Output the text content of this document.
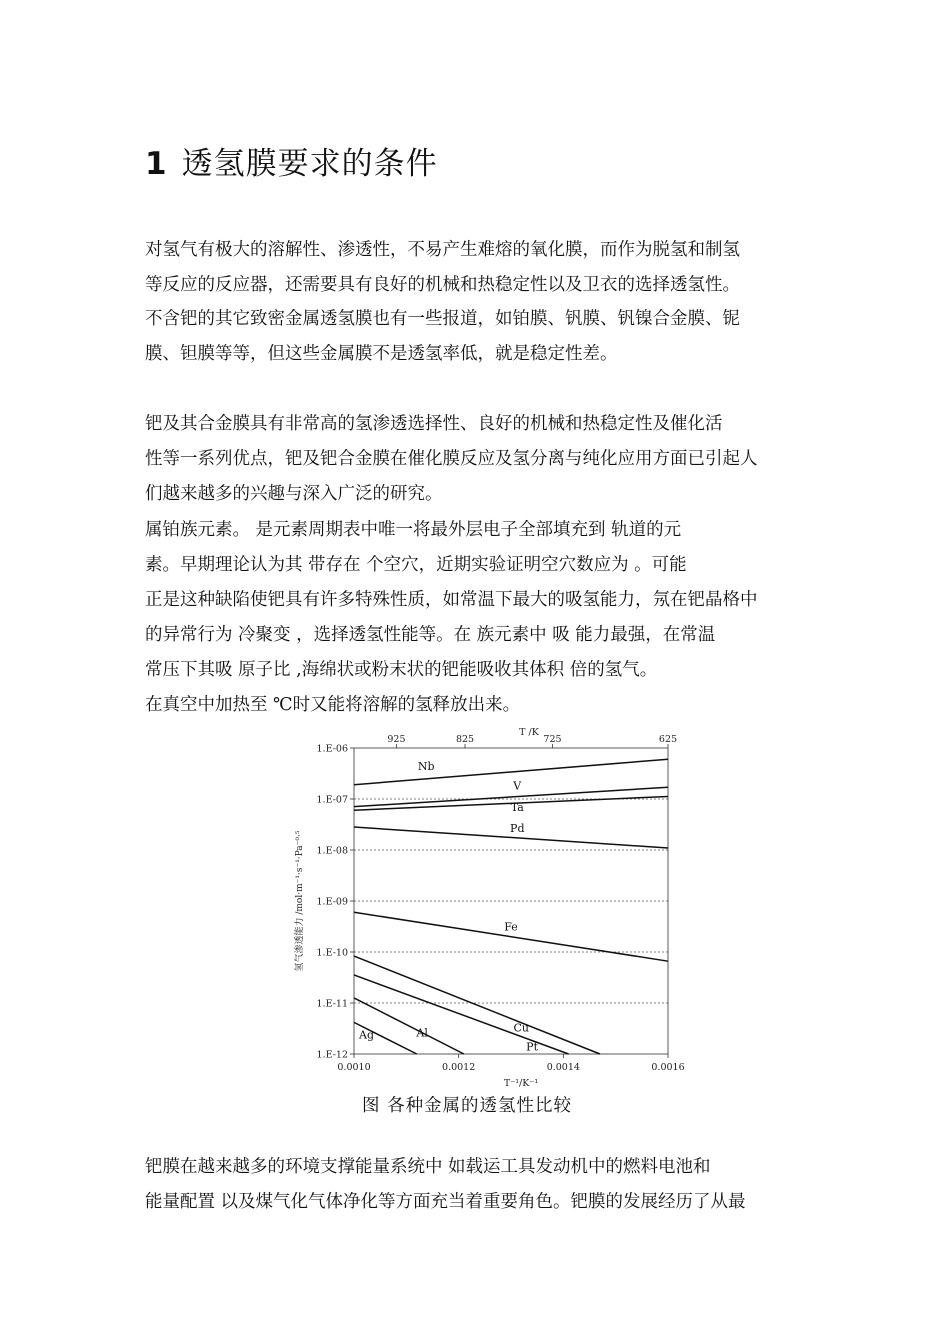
1 透氢膜要求的条件
对氢气有极大的溶解性、渗透性，不易产生难熔的氧化膜，而作为脱氢和制氢
等反应的反应器，还需要具有良好的机械和热稳定性以及卫衣的选择透氢性。
不含钯的其它致密金属透氢膜也有一些报道，如铂膜、钒膜、钒镍合金膜、铌
膜、钽膜等等，但这些金属膜不是透氢率低，就是稳定性差。
钯及其合金膜具有非常高的氢渗透选择性、良好的机械和热稳定性及催化活
性等一系列优点，钯及钯合金膜在催化膜反应及氢分离与纯化应用方面已引起人
们越来越多的兴趣与深入广泛的研究。
属铂族元素。 是元素周期表中唯一将最外层电子全部填充到 轨道的元
素。早期理论认为其 带存在 个空穴，近期实验证明空穴数应为 。可能
正是这种缺陷使钯具有许多特殊性质，如常温下最大的吸氢能力，氖在钯晶格中
的异常行为 冷聚变 ，选择透氢性能等。在 族元素中 吸 能力最强，在常温
常压下其吸 原子比 ,海绵状或粉末状的钯能吸收其体积 倍的氢气。
在真空中加热至 ℃时又能将溶解的氢释放出来。
1.E-06
1.E-07
1.E-08
1.E-09
1.E-10
1.E-11
1.E-12
0.0010	0.0012	0.0014	0.0016
925	825	725	625
T /K
T⁻¹/K⁻¹
氢气渗透能力 /mol·m⁻¹·s⁻¹·Pa⁻⁰·⁵
Nb
V
Ta
Pd
Fe
Cu
Pt
Al
Ag
图 各种金属的透氢性比较
钯膜在越来越多的环境支撑能量系统中 如载运工具发动机中的燃料电池和
能量配置 以及煤气化气体净化等方面充当着重要角色。钯膜的发展经历了从最
